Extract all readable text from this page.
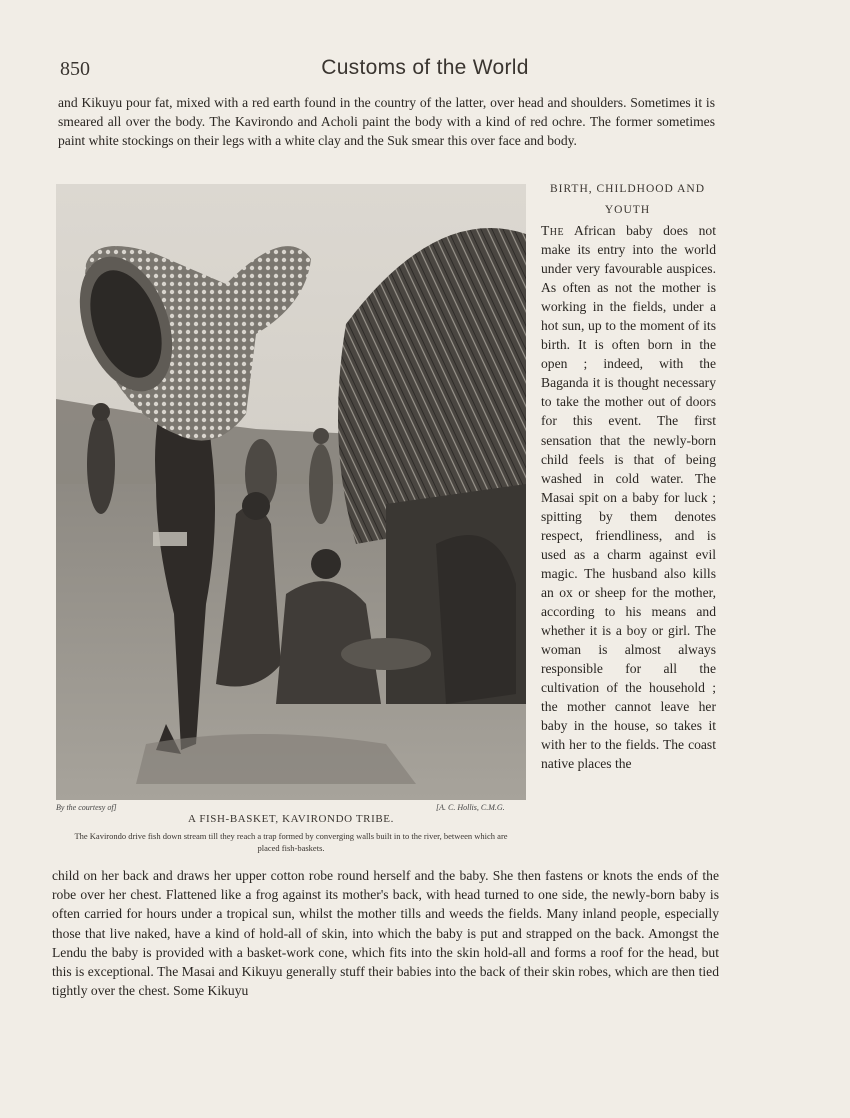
850	Customs of the World
and Kikuyu pour fat, mixed with a red earth found in the country of the latter, over head and shoulders. Sometimes it is smeared all over the body. The Kavirondo and Acholi paint the body with a kind of red ochre. The former sometimes paint white stockings on their legs with a white clay and the Suk smear this over face and body.
By the courtesy of]	[A. C. Hollis, C.M.G.
A FISH-BASKET, KAVIRONDO TRIBE.
The Kavirondo drive fish down stream till they reach a trap formed by converging walls built in to the river, between which are placed fish-baskets.
BIRTH, CHILDHOOD AND
YOUTH
The African baby does not make its entry into the world under very favourable auspices. As often as not the mother is working in the fields, under a hot sun, up to the moment of its birth. It is often born in the open ; indeed, with the Baganda it is thought necessary to take the mother out of doors for this event. The first sensation that the newly-born child feels is that of being washed in cold water. The Masai spit on a baby for luck ; spitting by them denotes respect, friendliness, and is used as a charm against evil magic. The husband also kills an ox or sheep for the mother, according to his means and whether it is a boy or girl. The woman is almost always responsible for all the cultivation of the household ; the mother cannot leave her baby in the house, so takes it with her to the fields. The coast native places the
child on her back and draws her upper cotton robe round herself and the baby. She then fastens or knots the ends of the robe over her chest. Flattened like a frog against its mother's back, with head turned to one side, the newly-born baby is often carried for hours under a tropical sun, whilst the mother tills and weeds the fields. Many inland people, especially those that live naked, have a kind of hold-all of skin, into which the baby is put and strapped on the back. Amongst the Lendu the baby is provided with a basket-work cone, which fits into the skin hold-all and forms a roof for the head, but this is exceptional. The Masai and Kikuyu generally stuff their babies into the back of their skin robes, which are then tied tightly over the chest. Some Kikuyu
